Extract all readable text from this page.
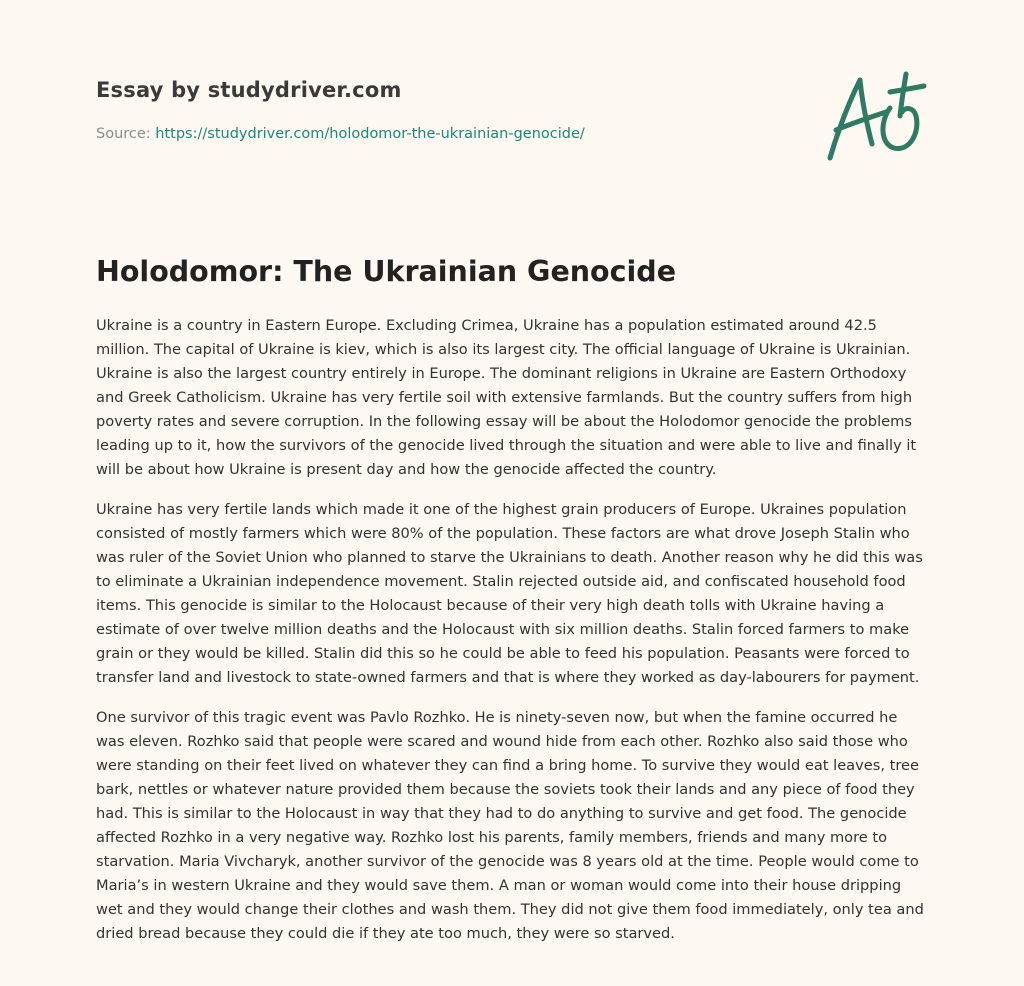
Essay by studydriver.com
Source: https://studydriver.com/holodomor-the-ukrainian-genocide/
Holodomor: The Ukrainian Genocide

Ukraine is a country in Eastern Europe. Excluding Crimea, Ukraine has a population estimated around 42.5 million. The capital of Ukraine is kiev, which is also its largest city. The official language of Ukraine is Ukrainian. Ukraine is also the largest country entirely in Europe. The dominant religions in Ukraine are Eastern Orthodoxy and Greek Catholicism. Ukraine has very fertile soil with extensive farmlands. But the country suffers from high poverty rates and severe corruption. In the following essay will be about the Holodomor genocide the problems leading up to it, how the survivors of the genocide lived through the situation and were able to live and finally it will be about how Ukraine is present day and how the genocide affected the country.

Ukraine has very fertile lands which made it one of the highest grain producers of Europe. Ukraines population consisted of mostly farmers which were 80% of the population. These factors are what drove Joseph Stalin who was ruler of the Soviet Union who planned to starve the Ukrainians to death. Another reason why he did this was to eliminate a Ukrainian independence movement. Stalin rejected outside aid, and confiscated household food items. This genocide is similar to the Holocaust because of their very high death tolls with Ukraine having a estimate of over twelve million deaths and the Holocaust with six million deaths. Stalin forced farmers to make grain or they would be killed. Stalin did this so he could be able to feed his population. Peasants were forced to transfer land and livestock to state-owned farmers and that is where they worked as day-labourers for payment.

One survivor of this tragic event was Pavlo Rozhko. He is ninety-seven now, but when the famine occurred he was eleven. Rozhko said that people were scared and wound hide from each other. Rozhko also said those who were standing on their feet lived on whatever they can find a bring home. To survive they would eat leaves, tree bark, nettles or whatever nature provided them because the soviets took their lands and any piece of food they had. This is similar to the Holocaust in way that they had to do anything to survive and get food. The genocide affected Rozhko in a very negative way. Rozhko lost his parents, family members, friends and many more to starvation. Maria Vivcharyk, another survivor of the genocide was 8 years old at the time. People would come to Maria’s in western Ukraine and they would save them. A man or woman would come into their house dripping wet and they would change their clothes and wash them. They did not give them food immediately, only tea and dried bread because they could die if they ate too much, they were so starved.
